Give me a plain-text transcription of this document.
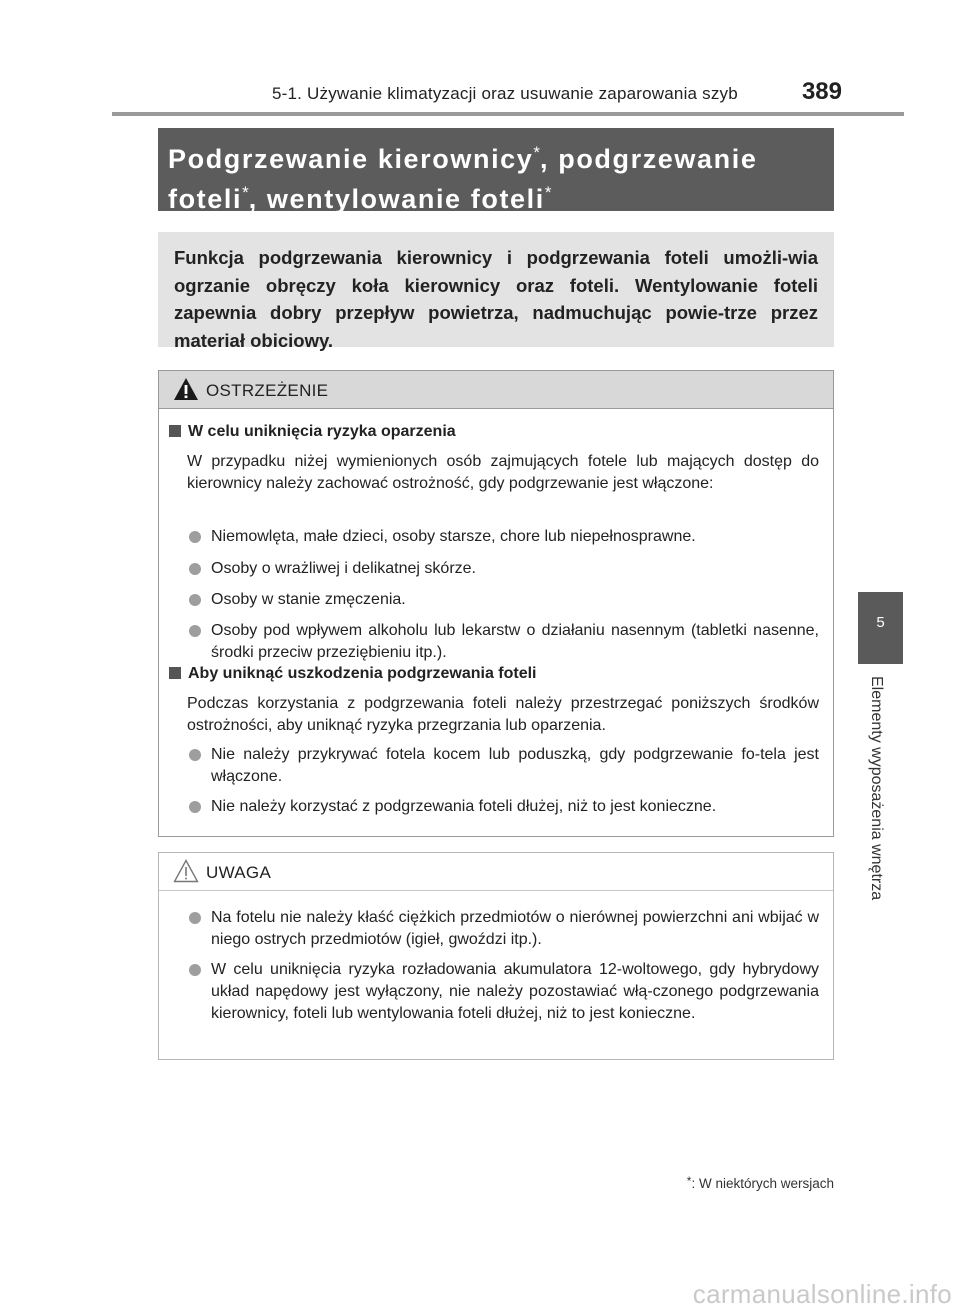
5-1. Używanie klimatyzacji oraz usuwanie zaparowania szyb	389
5
Elementy wyposażenia wnętrza
Podgrzewanie kierownicy*, podgrzewanie
foteli*, wentylowanie foteli*
Funkcja podgrzewania kierownicy i podgrzewania foteli umożli-wia ogrzanie obręczy koła kierownicy oraz foteli. Wentylowanie foteli zapewnia dobry przepływ powietrza, nadmuchując powie-trze przez materiał obiciowy.
OSTRZEŻENIE
W celu uniknięcia ryzyka oparzenia
W przypadku niżej wymienionych osób zajmujących fotele lub mających dostęp do kierownicy należy zachować ostrożność, gdy podgrzewanie jest włączone:
Niemowlęta, małe dzieci, osoby starsze, chore lub niepełnosprawne.
Osoby o wrażliwej i delikatnej skórze.
Osoby w stanie zmęczenia.
Osoby pod wpływem alkoholu lub lekarstw o działaniu nasennym (tabletki nasenne, środki przeciw przeziębieniu itp.).
Aby uniknąć uszkodzenia podgrzewania foteli
Podczas korzystania z podgrzewania foteli należy przestrzegać poniższych środków ostrożności, aby uniknąć ryzyka przegrzania lub oparzenia.
Nie należy przykrywać fotela kocem lub poduszką, gdy podgrzewanie fo-tela jest włączone.
Nie należy korzystać z podgrzewania foteli dłużej, niż to jest konieczne.
UWAGA
Na fotelu nie należy kłaść ciężkich przedmiotów o nierównej powierzchni ani wbijać w niego ostrych przedmiotów (igieł, gwoździ itp.).
W celu uniknięcia ryzyka rozładowania akumulatora 12-woltowego, gdy hybrydowy układ napędowy jest wyłączony, nie należy pozostawiać włą-czonego podgrzewania kierownicy, foteli lub wentylowania foteli dłużej, niż to jest konieczne.
*: W niektórych wersjach
carmanualsonline.info
